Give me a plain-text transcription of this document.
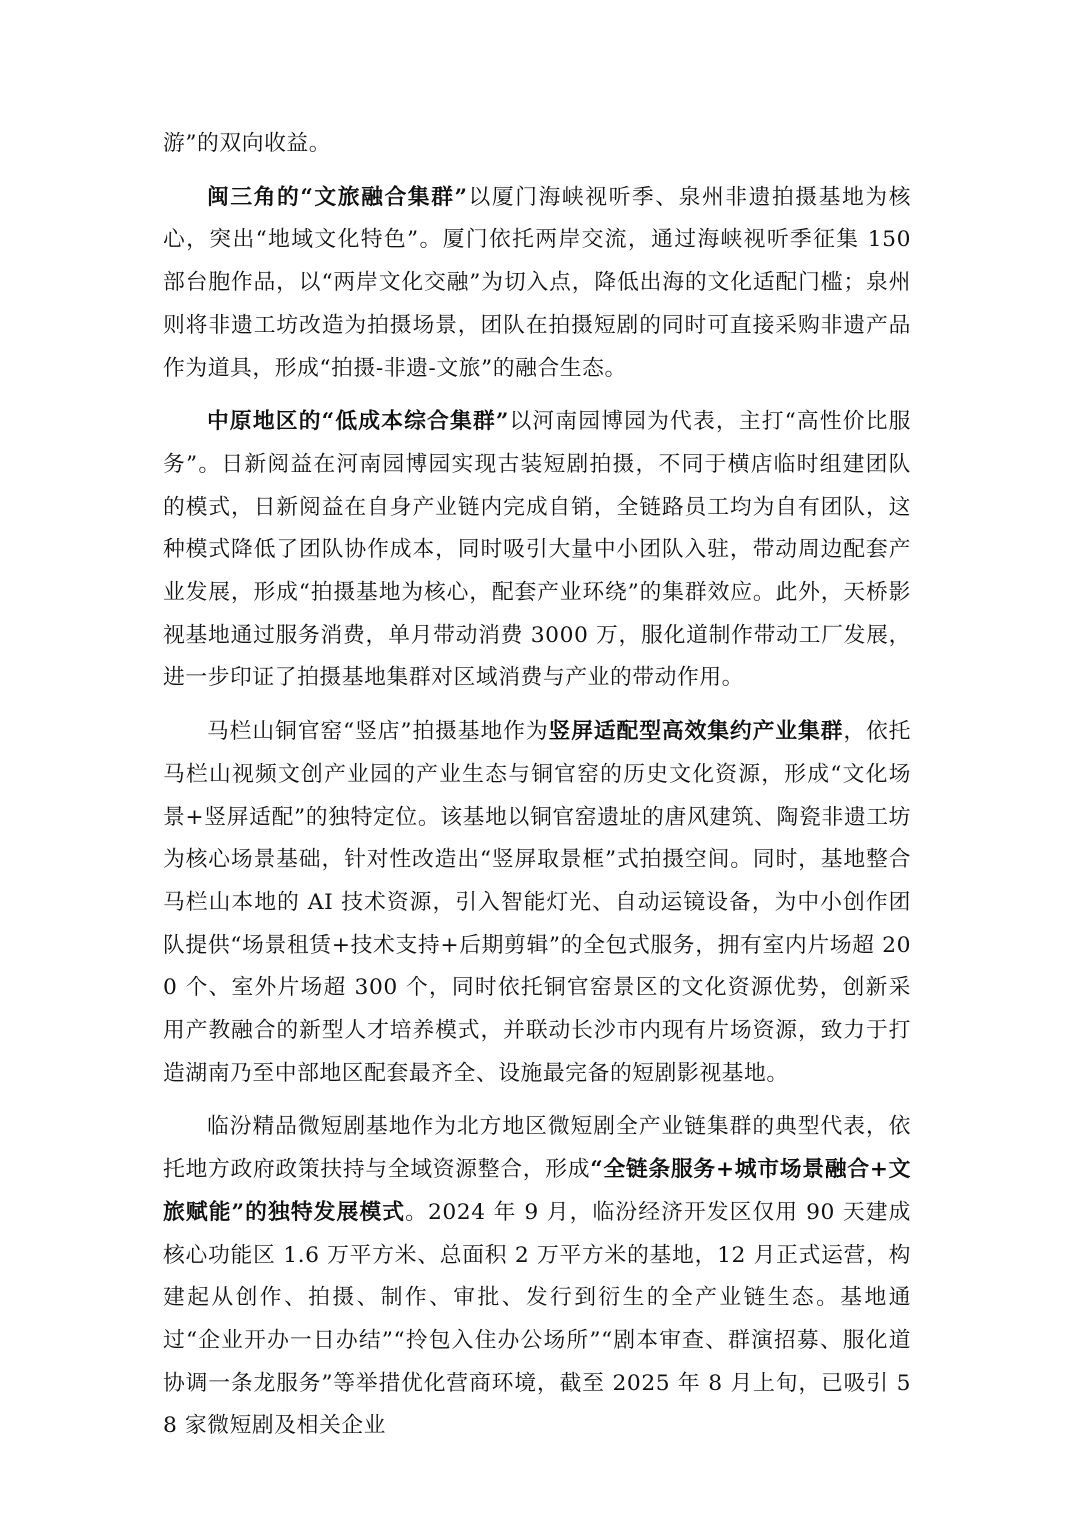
游”的双向收益。

闽三角的“文旅融合集群”以厦门海峡视听季、泉州非遗拍摄基地为核心，突出“地域文化特色”。厦门依托两岸交流，通过海峡视听季征集 150 部台胞作品，以“两岸文化交融”为切入点，降低出海的文化适配门槛；泉州则将非遗工坊改造为拍摄场景，团队在拍摄短剧的同时可直接采购非遗产品作为道具，形成“拍摄-非遗-文旅”的融合生态。

中原地区的“低成本综合集群”以河南园博园为代表，主打“高性价比服务”。日新阅益在河南园博园实现古装短剧拍摄，不同于横店临时组建团队的模式，日新阅益在自身产业链内完成自销，全链路员工均为自有团队，这种模式降低了团队协作成本，同时吸引大量中小团队入驻，带动周边配套产业发展，形成“拍摄基地为核心，配套产业环绕”的集群效应。此外，天桥影视基地通过服务消费，单月带动消费 3000 万，服化道制作带动工厂发展，进一步印证了拍摄基地集群对区域消费与产业的带动作用。

马栏山铜官窑“竖店”拍摄基地作为竖屏适配型高效集约产业集群，依托马栏山视频文创产业园的产业生态与铜官窑的历史文化资源，形成“文化场景+竖屏适配”的独特定位。该基地以铜官窑遗址的唐风建筑、陶瓷非遗工坊为核心场景基础，针对性改造出“竖屏取景框”式拍摄空间。同时，基地整合马栏山本地的 AI 技术资源，引入智能灯光、自动运镜设备，为中小创作团队提供“场景租赁+技术支持+后期剪辑”的全包式服务，拥有室内片场超 200 个、室外片场超 300 个，同时依托铜官窑景区的文化资源优势，创新采用产教融合的新型人才培养模式，并联动长沙市内现有片场资源，致力于打造湖南乃至中部地区配套最齐全、设施最完备的短剧影视基地。

临汾精品微短剧基地作为北方地区微短剧全产业链集群的典型代表，依托地方政府政策扶持与全域资源整合，形成“全链条服务+城市场景融合+文旅赋能”的独特发展模式。2024 年 9 月，临汾经济开发区仅用 90 天建成核心功能区 1.6 万平方米、总面积 2 万平方米的基地，12 月正式运营，构建起从创作、拍摄、制作、审批、发行到衍生的全产业链生态。基地通过“企业开办一日办结”“拎包入住办公场所”“剧本审查、群演招募、服化道协调一条龙服务”等举措优化营商环境，截至 2025 年 8 月上旬，已吸引 58 家微短剧及相关企业
